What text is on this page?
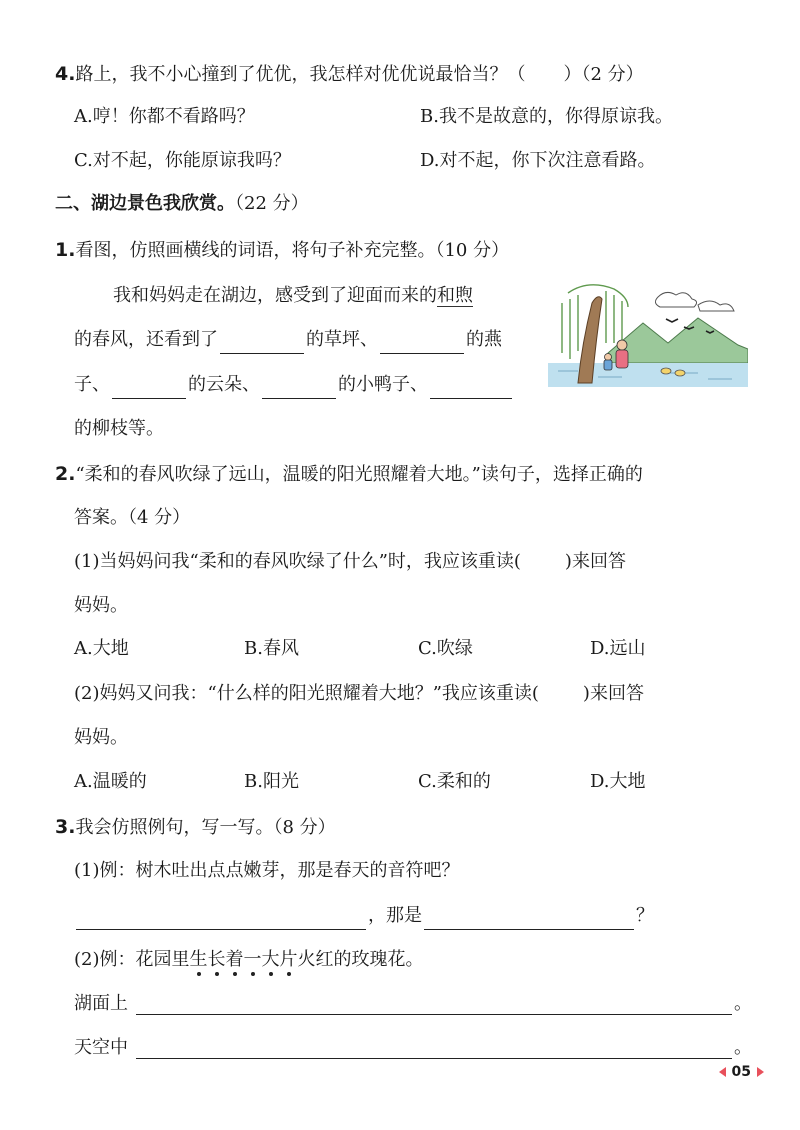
4.路上，我不小心撞到了优优，我怎样对优优说最恰当？（ ）（2 分）
A.哼！你都不看路吗？	B.我不是故意的，你得原谅我。
C.对不起，你能原谅我吗？	D.对不起，你下次注意看路。
二、湖边景色我欣赏。（22 分）
1.看图，仿照画横线的词语，将句子补充完整。（10 分）
我和妈妈走在湖边，感受到了迎面而来的和煦
的春风，还看到了	的草坪、	的燕
子、	的云朵、	的小鸭子、
的柳枝等。
2.“柔和的春风吹绿了远山，温暖的阳光照耀着大地。”读句子，选择正确的
答案。（4 分）
(1)当妈妈问我“柔和的春风吹绿了什么”时，我应该重读( )来回答
妈妈。
A.大地	B.春风	C.吹绿	D.远山
(2)妈妈又问我：“什么样的阳光照耀着大地？”我应该重读( )来回答
妈妈。
A.温暖的	B.阳光	C.柔和的	D.大地
3.我会仿照例句，写一写。（8 分）
(1)例：树木吐出点点嫩芽，那是春天的音符吧？
，那是	？
(2)例：花园里生长着一大片火红的玫瑰花。
湖面上	。
天空中	。
05
